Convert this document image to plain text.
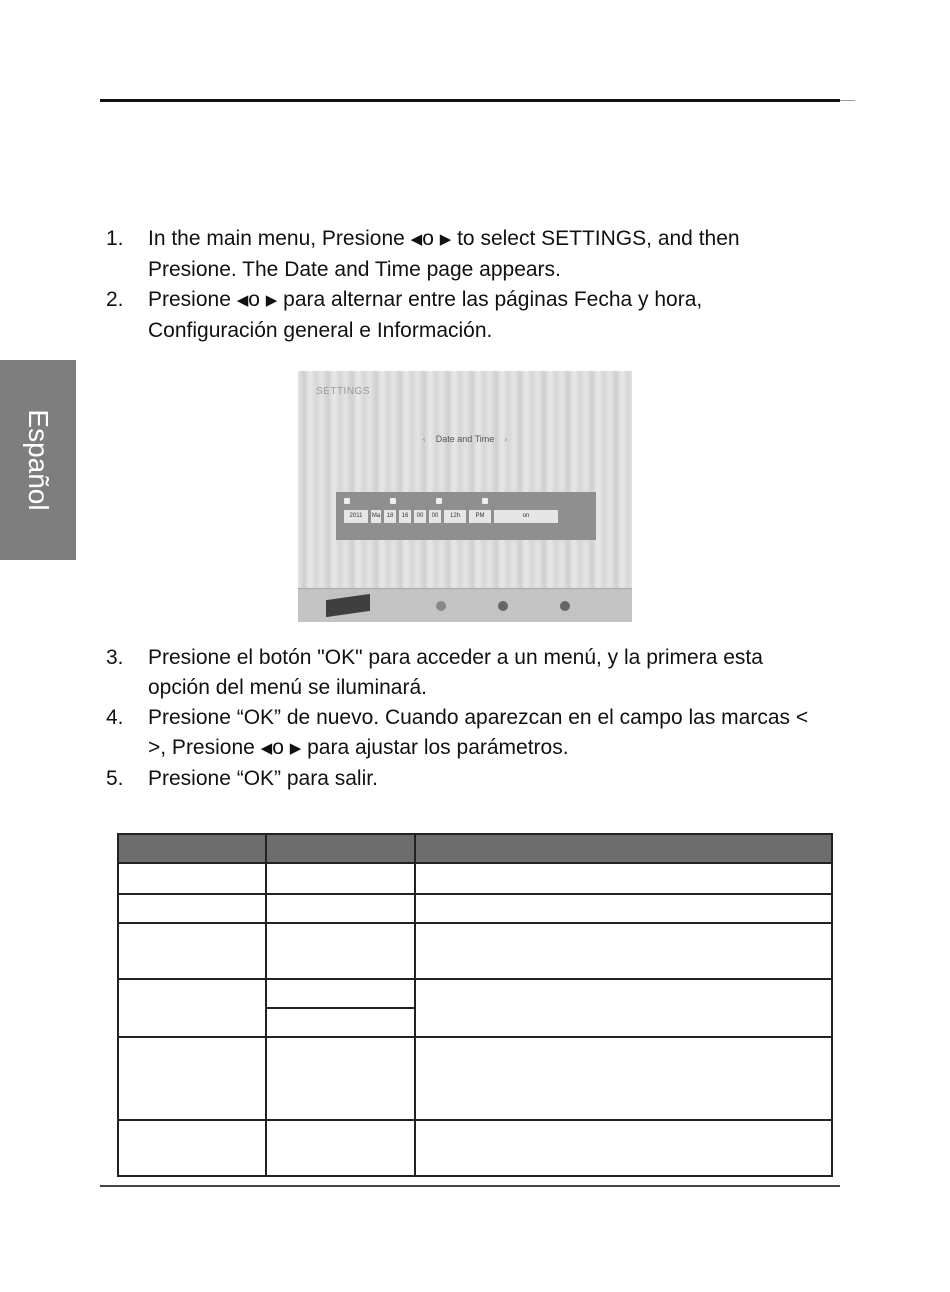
Español
1. In the main menu, Presione ◀o ▶ to select SETTINGS, and then Presione. The Date and Time page appears.
2. Presione ◀o ▶ para alternar entre las páginas Fecha y hora, Configuración general e Información.
SETTINGS
‹ Date and Time ›
2011	Ma	18	16	00	00	12h	PM	on
3. Presione el botón "OK" para acceder a un menú, y la primera esta opción del menú se iluminará.
4. Presione “OK” de nuevo. Cuando aparezcan en el campo las marcas < >, Presione ◀o ▶ para ajustar los parámetros.
5. Presione “OK” para salir.
